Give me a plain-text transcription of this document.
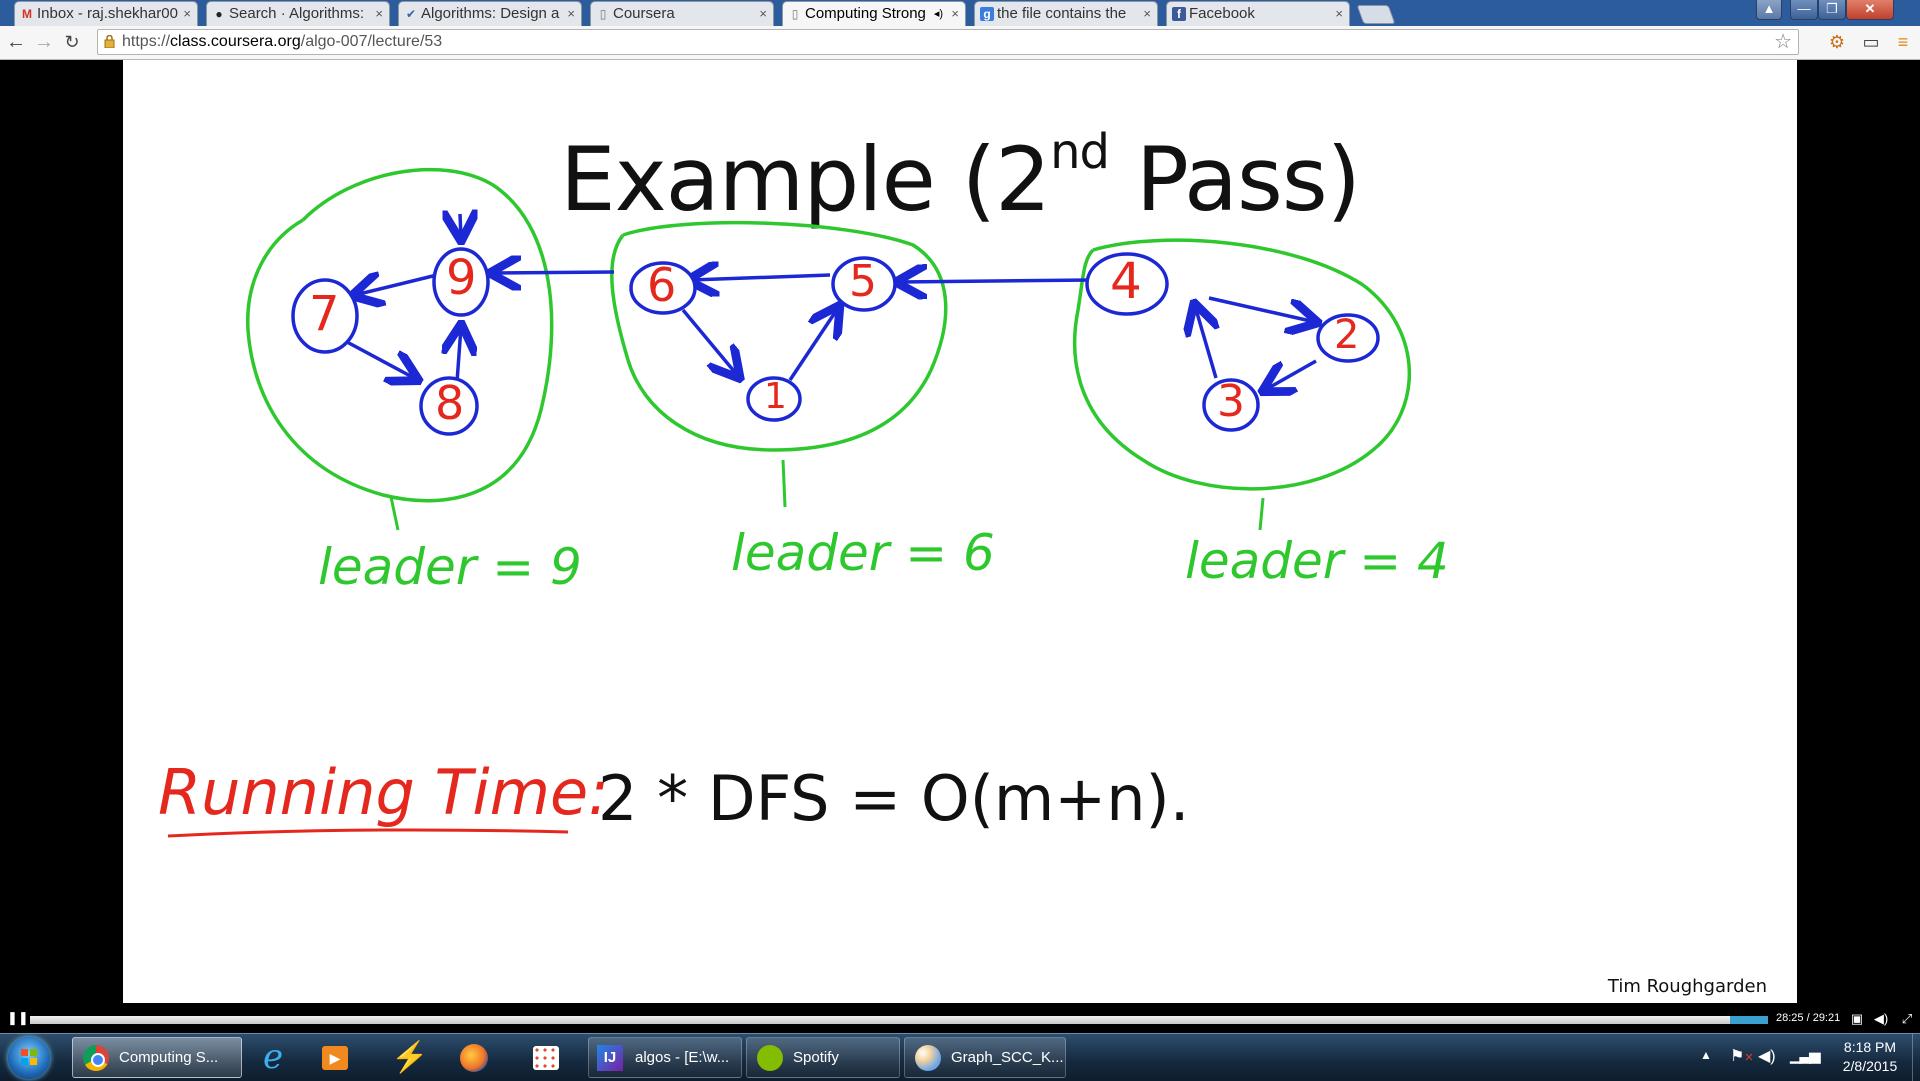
M Inbox - raj.shekhar00 × ● Search · Algorithms: × ✔ Algorithms: Design a ×	▯ Coursera	×	▯ Computing Strong ◂) × g the file contains the ×	f Facebook	×	▲	—	❐	✕
← → ↻	https://class.coursera.org/algo-007/lecture/53	☆ ⚙ ▭	≡
Example (2nd Pass)
7
9
8
6	5
1
4
2
3
leader = 9	leader = 6	leader = 4
Running Time:
2 * DFS = O(m+n).
Tim Roughgarden
❚❚	28:25 / 29:21 ▣ ◀) ⤢
Computing S... e	▶ ⚡	IJ	algos - [E:\w...	Spotify	Graph_SCC_K...	▲ ⚑✕ ◀) ▁▃▅	8:18 PM
2/8/2015
